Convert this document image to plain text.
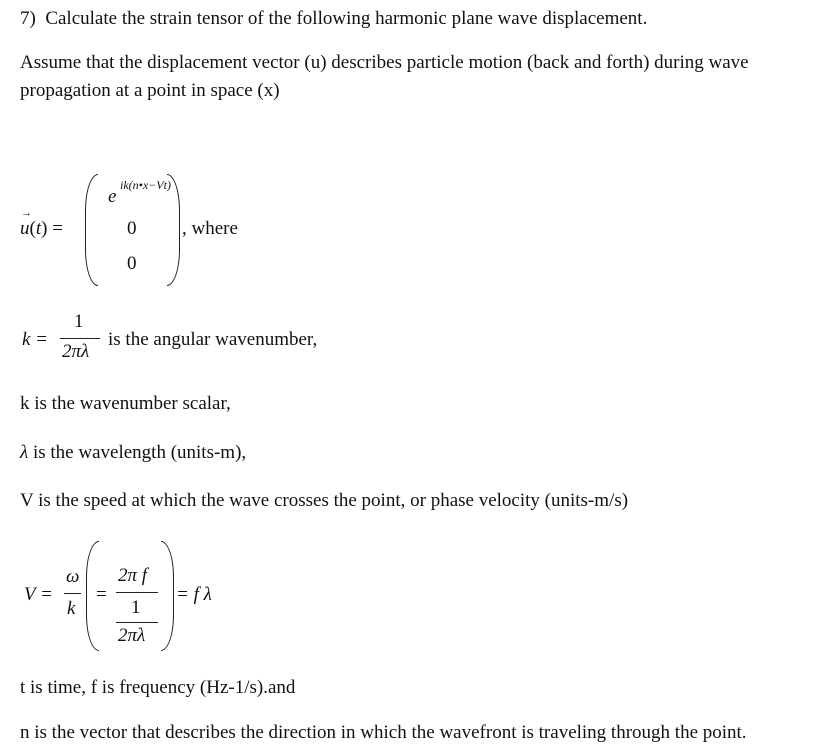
7) Calculate the strain tensor of the following harmonic plane wave displacement.
Assume that the displacement vector (u) describes particle motion (back and forth) during wave
propagation at a point in space (x)
→ u(t) =
e
ik(n•x−Vt)
0
0
, where
k =
1
2πλ
is the angular wavenumber,
k is the wavenumber scalar,
λ is the wavelength (units-m),
V is the speed at which the wave crosses the point, or phase velocity (units-m/s)
V =
ω
k
=
2π f
1
2πλ
= f λ
t is time, f is frequency (Hz-1/s).and
n is the vector that describes the direction in which the wavefront is traveling through the point.
